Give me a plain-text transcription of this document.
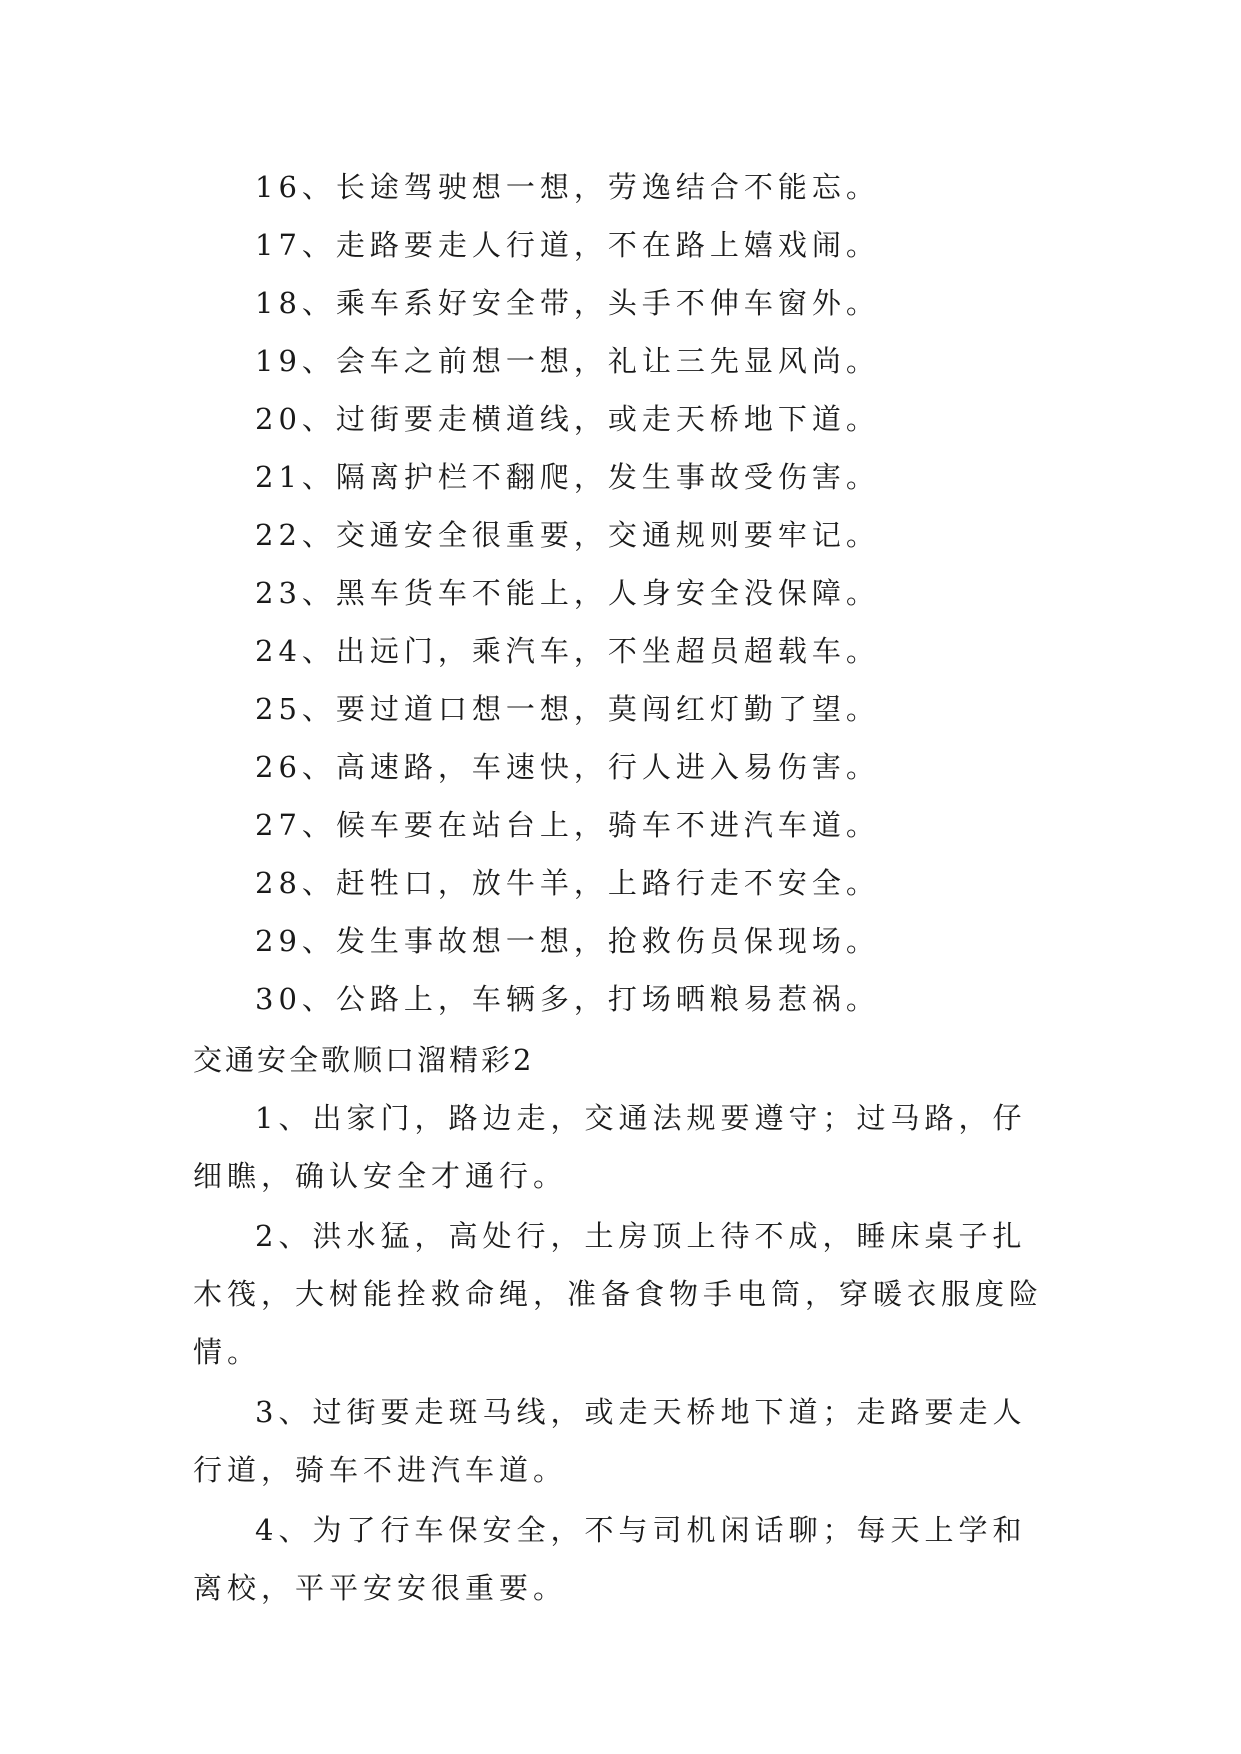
16、长途驾驶想一想，劳逸结合不能忘。
17、走路要走人行道，不在路上嬉戏闹。
18、乘车系好安全带，头手不伸车窗外。
19、会车之前想一想，礼让三先显风尚。
20、过街要走横道线，或走天桥地下道。
21、隔离护栏不翻爬，发生事故受伤害。
22、交通安全很重要，交通规则要牢记。
23、黑车货车不能上，人身安全没保障。
24、出远门，乘汽车，不坐超员超载车。
25、要过道口想一想，莫闯红灯勤了望。
26、高速路，车速快，行人进入易伤害。
27、候车要在站台上，骑车不进汽车道。
28、赶牲口，放牛羊，上路行走不安全。
29、发生事故想一想，抢救伤员保现场。
30、公路上，车辆多，打场晒粮易惹祸。
交通安全歌顺口溜精彩2

1、出家门，路边走，交通法规要遵守；过马路，仔细瞧，确认安全才通行。

2、洪水猛，高处行，土房顶上待不成，睡床桌子扎木筏，大树能拴救命绳，准备食物手电筒，穿暖衣服度险情。

3、过街要走斑马线，或走天桥地下道；走路要走人行道，骑车不进汽车道。

4、为了行车保安全，不与司机闲话聊；每天上学和离校，平平安安很重要。
